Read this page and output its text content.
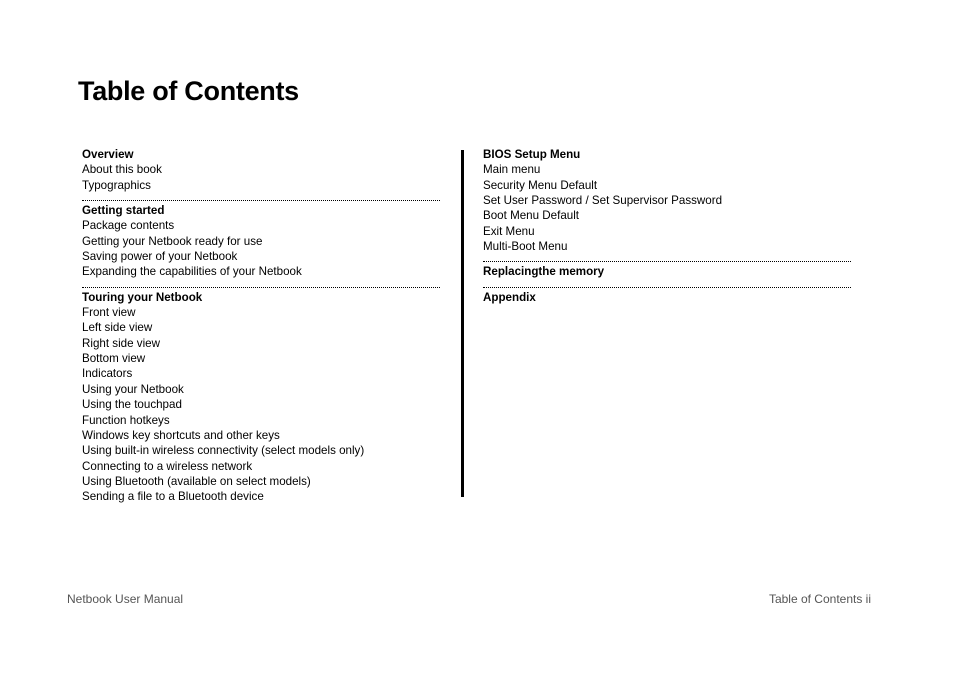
Table of Contents
Overview
About this book
Typographics
Getting started
Package contents
Getting your Netbook ready for use
Saving power of your Netbook
Expanding the capabilities of your Netbook
Touring your Netbook
Front view
Left side view
Right side view
Bottom view
Indicators
Using your Netbook
Using the touchpad
Function hotkeys
Windows key shortcuts and other keys
Using built-in wireless connectivity (select models only)
Connecting to a wireless network
Using Bluetooth (available on select models)
Sending a file to a Bluetooth device
BIOS Setup Menu
Main menu
Security Menu Default
Set User Password / Set Supervisor Password
Boot Menu Default
Exit Menu
Multi-Boot Menu
Replacingthe memory
Appendix
Netbook User Manual	Table of Contents ii
